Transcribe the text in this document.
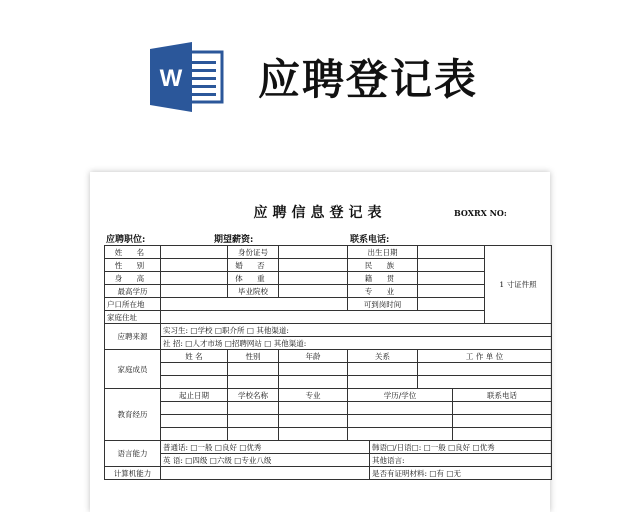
W 应聘登记表
应聘信息登记表	BOXRX NO:
应聘职位:	期望薪资:	联系电话:
姓 名		身份证号		出生日期				1 寸证件照
性 别		婚 否		民 族				
身 高		体 重		籍 贯				
最高学历		毕业院校		专 业				
户口所在地				可到岗时间				
家庭住址								
应聘来源	实习生: □学校 □职介所 □ 其他渠道:							
	社 招: □人才市场 □招聘网站 □ 其他渠道:							
家庭成员	姓 名	性别	年龄	关系		工 作 单 位		

教育经历	起止日期	学校名称	专业	学历/学位			联系电话	

语言能力	普通话: □一般 □良好 □优秀				韩语□/日语□: □一般 □良好 □优秀			
	英 语: □四级 □六级 □专业八级				其他语言:			
计算机能力					是否有证明材料: □有 □无			
